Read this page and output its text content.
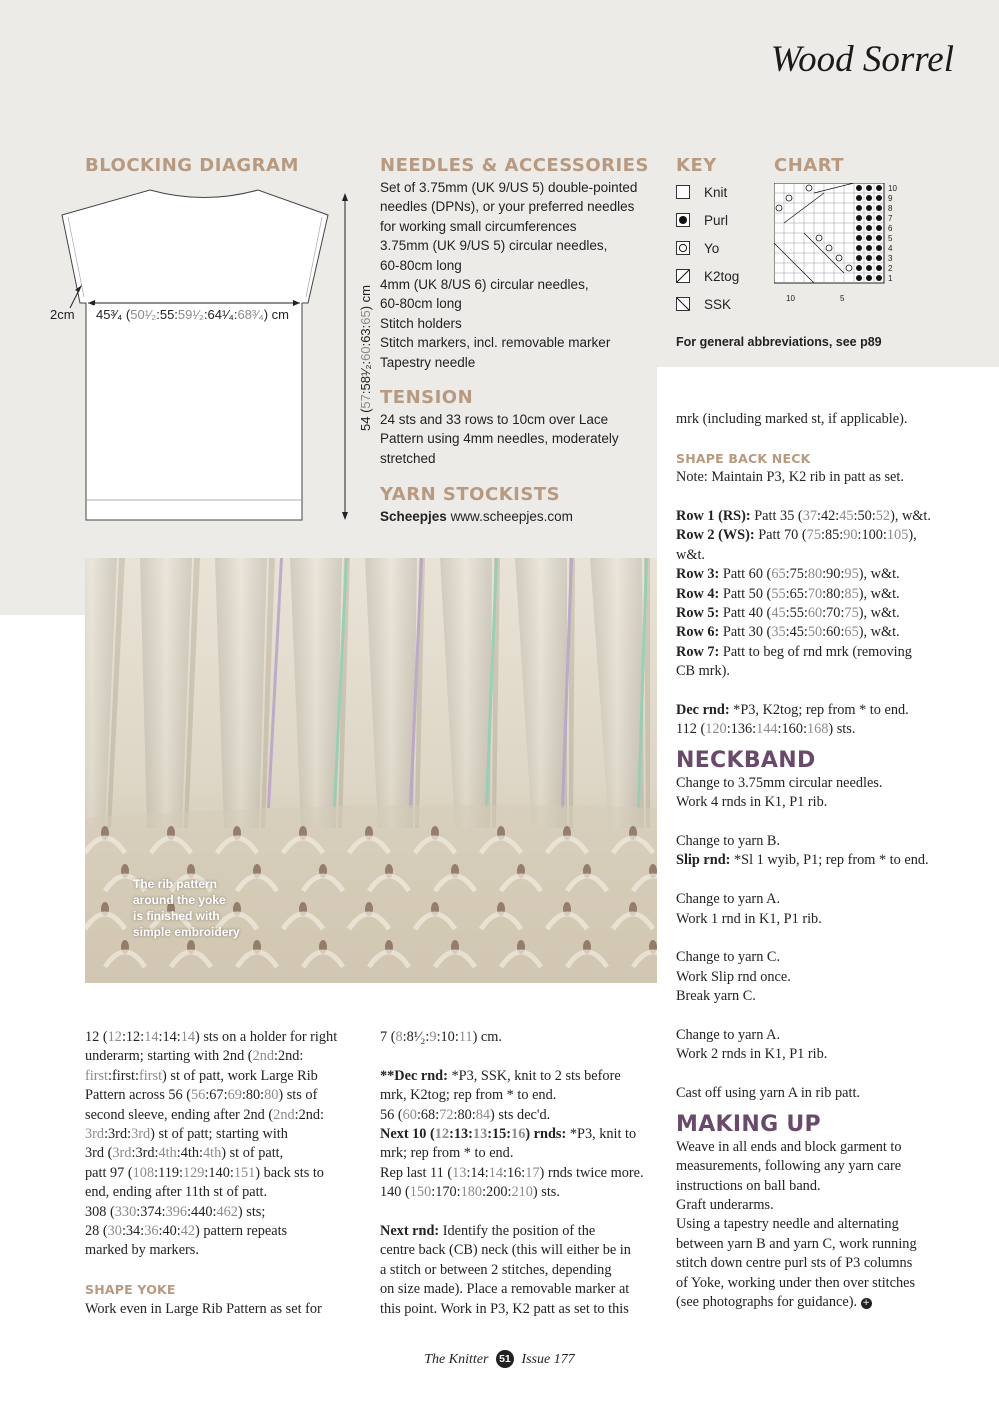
Wood Sorrel
BLOCKING DIAGRAM
2cm 45³⁄₄ (50¹⁄₂:55:59¹⁄₂:64¹⁄₄:68³⁄₄) cm
54 (57:58¹⁄₂:60:63:65) cm
NEEDLES & ACCESSORIES
Set of 3.75mm (UK 9/US 5) double-pointed
needles (DPNs), or your preferred needles
for working small circumferences
3.75mm (UK 9/US 5) circular needles,
60-80cm long
4mm (UK 8/US 6) circular needles,
60-80cm long
Stitch holders
Stitch markers, incl. removable marker
Tapestry needle
TENSION
24 sts and 33 rows to 10cm over Lace
Pattern using 4mm needles, moderately
stretched
YARN STOCKISTS
Scheepjes www.scheepjes.com
KEY
Knit
Purl
Yo
K2tog
SSK
For general abbreviations, see p89
CHART
10
9
8
7
6
5
4
3
2
1
10	5
The rib pattern
around the yoke
is finished with
simple embroidery

mrk (including marked st, if applicable).

SHAPE BACK NECK

Note: Maintain P3, K2 rib in patt as set.

Row 1 (RS): Patt 35 (37:42:45:50:52), w&t.

Row 2 (WS): Patt 70 (75:85:90:100:105),

w&t.

Row 3: Patt 60 (65:75:80:90:95), w&t.

Row 4: Patt 50 (55:65:70:80:85), w&t.

Row 5: Patt 40 (45:55:60:70:75), w&t.

Row 6: Patt 30 (35:45:50:60:65), w&t.

Row 7: Patt to beg of rnd mrk (removing

CB mrk).

Dec rnd: *P3, K2tog; rep from * to end.

112 (120:136:144:160:168) sts.

NECKBAND

Change to 3.75mm circular needles.

Work 4 rnds in K1, P1 rib.

Change to yarn B.

Slip rnd: *Sl 1 wyib, P1; rep from * to end.

Change to yarn A.

Work 1 rnd in K1, P1 rib.

Change to yarn C.

Work Slip rnd once.

Break yarn C.

Change to yarn A.

Work 2 rnds in K1, P1 rib.

Cast off using yarn A in rib patt.

MAKING UP

Weave in all ends and block garment to

measurements, following any yarn care

instructions on ball band.

Graft underarms.

Using a tapestry needle and alternating

between yarn B and yarn C, work running

stitch down centre purl sts of P3 columns

of Yoke, working under then over stitches

(see photographs for guidance). +

12 (12:12:14:14:14) sts on a holder for right

underarm; starting with 2nd (2nd:2nd:

first:first:first) st of patt, work Large Rib

Pattern across 56 (56:67:69:80:80) sts of

second sleeve, ending after 2nd (2nd:2nd:

3rd:3rd:3rd) st of patt; starting with

3rd (3rd:3rd:4th:4th:4th) st of patt,

patt 97 (108:119:129:140:151) back sts to

end, ending after 11th st of patt.

308 (330:374:396:440:462) sts;

28 (30:34:36:40:42) pattern repeats

marked by markers.

SHAPE YOKE

Work even in Large Rib Pattern as set for

7 (8:8¹⁄₂:9:10:11) cm.

**Dec rnd: *P3, SSK, knit to 2 sts before

mrk, K2tog; rep from * to end.

56 (60:68:72:80:84) sts dec'd.

Next 10 (12:13:13:15:16) rnds: *P3, knit to

mrk; rep from * to end.

Rep last 11 (13:14:14:16:17) rnds twice more.

140 (150:170:180:200:210) sts.

Next rnd: Identify the position of the

centre back (CB) neck (this will either be in

a stitch or between 2 stitches, depending

on size made). Place a removable marker at

this point. Work in P3, K2 patt as set to this

The Knitter 51 Issue 177
